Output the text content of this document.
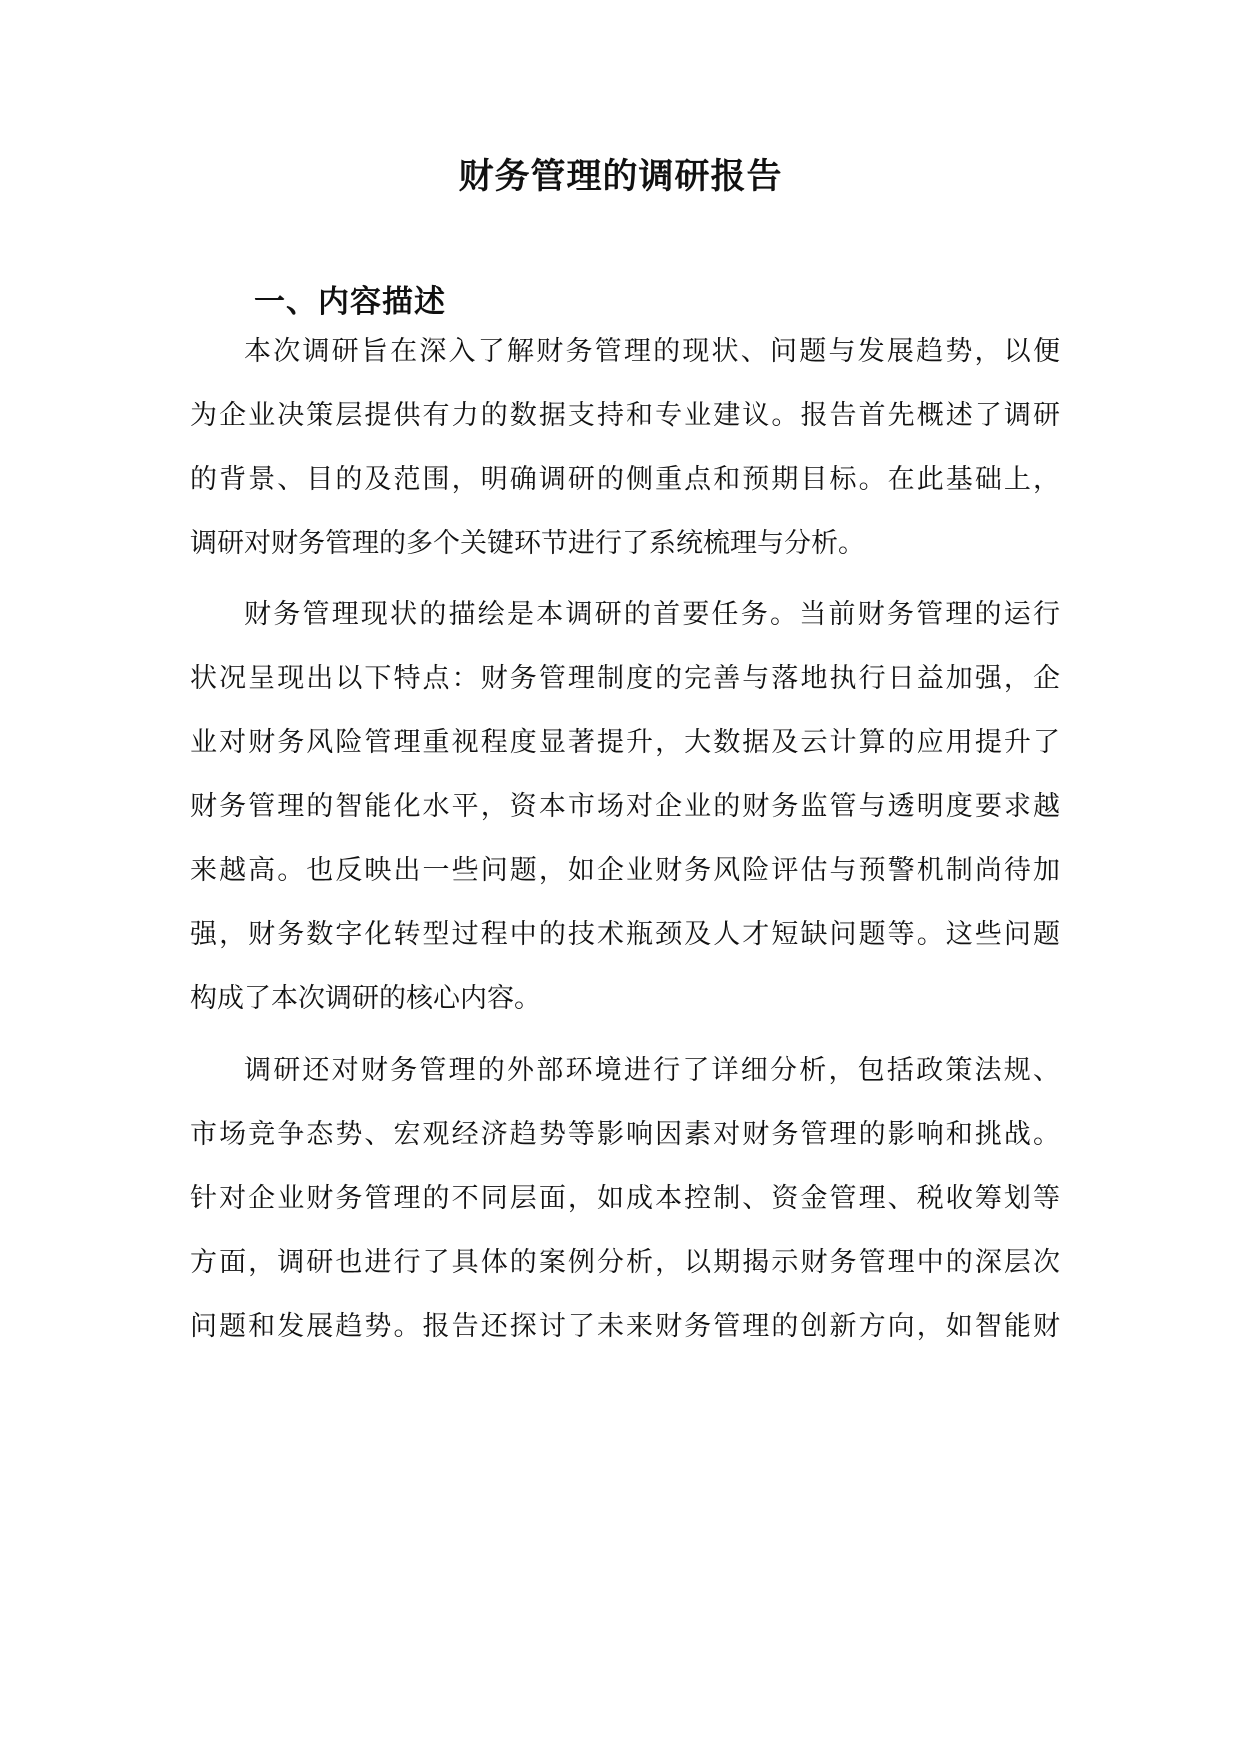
财务管理的调研报告
一、内容描述

本次调研旨在深入了解财务管理的现状、问题与发展趋势，以便

为企业决策层提供有力的数据支持和专业建议。报告首先概述了调研

的背景、目的及范围，明确调研的侧重点和预期目标。在此基础上，

调研对财务管理的多个关键环节进行了系统梳理与分析。

财务管理现状的描绘是本调研的首要任务。当前财务管理的运行

状况呈现出以下特点：财务管理制度的完善与落地执行日益加强，企

业对财务风险管理重视程度显著提升，大数据及云计算的应用提升了

财务管理的智能化水平，资本市场对企业的财务监管与透明度要求越

来越高。也反映出一些问题，如企业财务风险评估与预警机制尚待加

强，财务数字化转型过程中的技术瓶颈及人才短缺问题等。这些问题

构成了本次调研的核心内容。

调研还对财务管理的外部环境进行了详细分析，包括政策法规、

市场竞争态势、宏观经济趋势等影响因素对财务管理的影响和挑战。

针对企业财务管理的不同层面，如成本控制、资金管理、税收筹划等

方面，调研也进行了具体的案例分析，以期揭示财务管理中的深层次

问题和发展趋势。报告还探讨了未来财务管理的创新方向，如智能财
